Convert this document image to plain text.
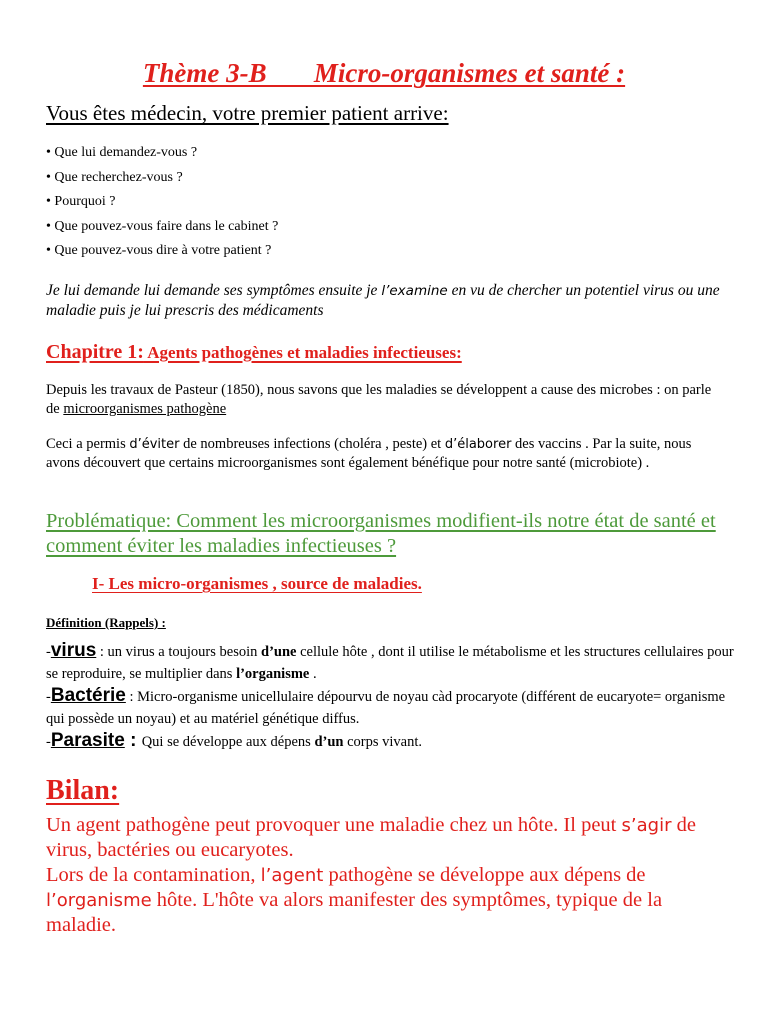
Thème 3-B       Micro-organismes et santé :

Vous êtes médecin, votre premier patient arrive:

• Que lui demandez-vous ?
• Que recherchez-vous ?
• Pourquoi ?
• Que pouvez-vous faire dans le cabinet ?
• Que pouvez-vous dire à votre patient ?

Je lui demande lui demande ses symptômes ensuite je l’examine en vu de chercher un potentiel virus ou une maladie puis je lui prescris des médicaments

Chapitre 1: Agents pathogènes et maladies infectieuses:

Depuis les travaux de Pasteur (1850), nous savons que les maladies se développent a cause des microbes : on parle de microorganismes pathogène

Ceci a permis d’éviter de nombreuses infections (choléra , peste) et d’élaborer des vaccins . Par la suite, nous avons découvert que certains microorganismes sont également bénéfique pour notre santé (microbiote) .

Problématique: Comment les microorganismes modifient-ils notre état de santé et comment éviter les maladies infectieuses ?

I- Les micro-organismes , source de maladies.

Définition (Rappels) :

-virus : un virus a toujours besoin d’une cellule hôte , dont il utilise le métabolisme et les structures cellulaires pour se reproduire, se multiplier dans l’organisme .

-Bactérie : Micro-organisme unicellulaire dépourvu de noyau càd procaryote (différent de eucaryote= organisme qui possède un noyau) et au matériel génétique diffus.

-Parasite : Qui se développe aux dépens d’un corps vivant.

Bilan:

Un agent pathogène peut provoquer une maladie chez un hôte. Il peut s’agir de virus, bactéries ou eucaryotes.

Lors de la contamination, l’agent pathogène se développe aux dépens de l’organisme hôte. L'hôte va alors manifester des symptômes, typique de la maladie.
